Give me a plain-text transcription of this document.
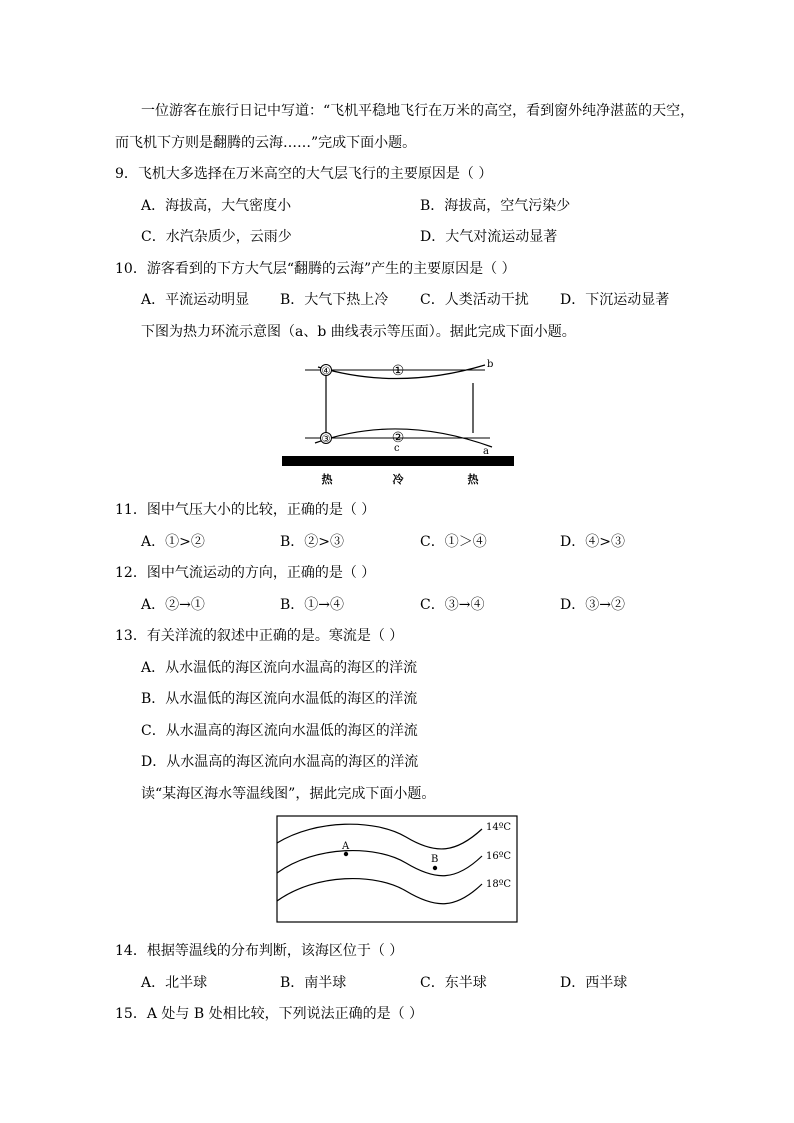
一位游客在旅行日记中写道：“飞机平稳地飞行在万米的高空，看到窗外纯净湛蓝的天空，
而飞机下方则是翻腾的云海……”完成下面小题。
9．飞机大多选择在万米高空的大气层飞行的主要原因是（ ）
A．海拔高，大气密度小	B．海拔高，空气污染少
C．水汽杂质少，云雨少	D．大气对流运动显著
10．游客看到的下方大气层“翻腾的云海”产生的主要原因是（ ）
A．平流运动明显 B．大气下热上冷 C．人类活动干扰 D．下沉运动显著
下图为热力环流示意图（a、b 曲线表示等压面）。据此完成下面小题。
④	①
③	②
b
a
c
热	冷	热
11．图中气压大小的比较，正确的是（ ）
A．①>②	B．②>③	C．①＞④	D．④>③
12．图中气流运动的方向，正确的是（ ）
A．②→①	B．①→④	C．③→④	D．③→②
13．有关洋流的叙述中正确的是。寒流是（ ）
A．从水温低的海区流向水温高的海区的洋流
B．从水温低的海区流向水温低的海区的洋流
C．从水温高的海区流向水温低的海区的洋流
D．从水温高的海区流向水温高的海区的洋流
读“某海区海水等温线图”，据此完成下面小题。
14ºC
16ºC
18ºC
A
B
14．根据等温线的分布判断，该海区位于（ ）
A．北半球	B．南半球	C．东半球	D．西半球
15．A 处与 B 处相比较，下列说法正确的是（ ）
